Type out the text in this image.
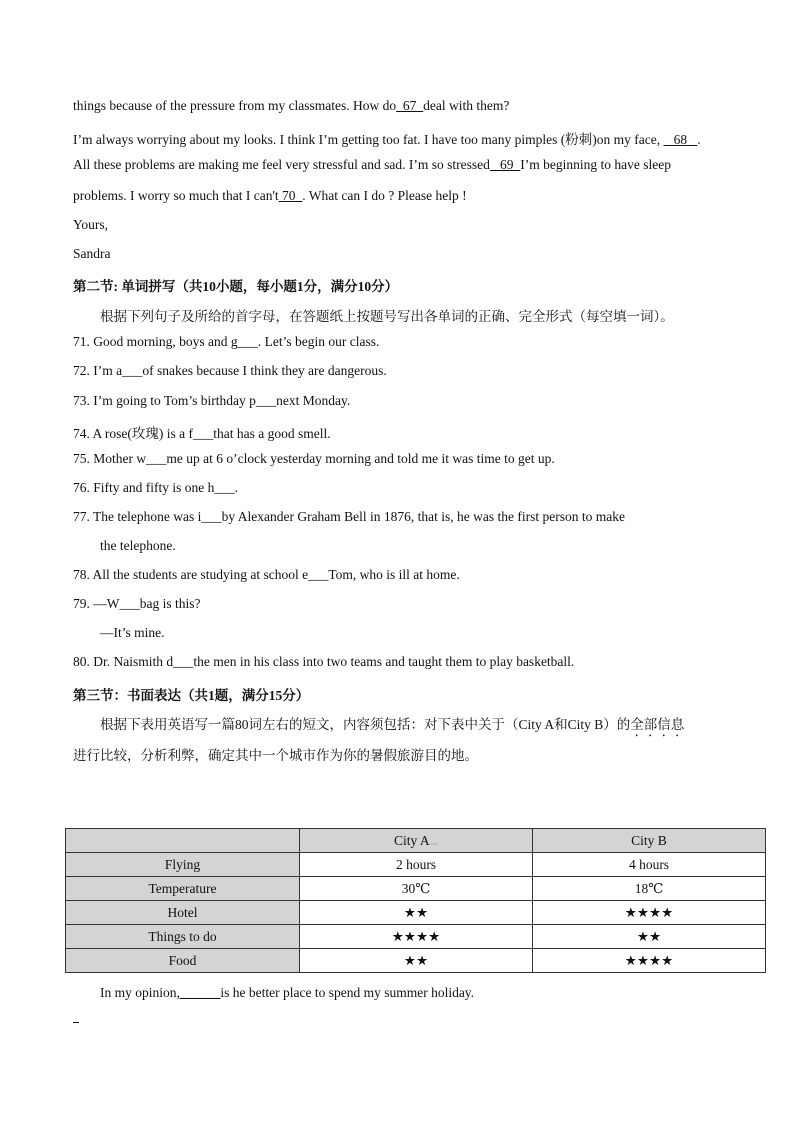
things because of the pressure from my classmates. How do 67 deal with them?
I’m always worrying about my looks. I think I’m getting too fat. I have too many pimples (粉刺)on my face,    68 .
All these problems are making me feel very stressful and sad. I’m so stressed 69 I’m beginning to have sleep
problems. I worry so much that I can't 70 . What can I do ? Please help !
Yours,
Sandra
第二节: 单词拼写（共10小题，每小题1分，满分10分）
根据下列句子及所给的首字母，在答题纸上按题号写出各单词的正确、完全形式（每空填一词）。
71. Good morning, boys and g___. Let’s begin our class.
72. I’m a___of snakes because I think they are dangerous.
73. I’m going to Tom’s birthday p___next Monday.
74. A rose(玫瑰) is a f___that has a good smell.
75. Mother w___me up at 6 o’clock yesterday morning and told me it was time to get up.
76. Fifty and fifty is one h___.
77. The telephone was i___by Alexander Graham Bell in 1876, that is, he was the first person to make
the telephone.
78. All the students are studying at school e___Tom, who is ill at home.
79. —W___bag is this?
—It’s mine.
80. Dr. Naismith d___the men in his class into two teams and taught them to play basketball.
第三节：书面表达（共1题，满分15分）
根据下表用英语写一篇80词左右的短文，内容须包括：对下表中关于（City A和City B）的全部信息
进行比较，分析利弊，确定其中一个城市作为你的暑假旅游目的地。
	City AZXXK	City B
Flying	2 hours	4 hours
Temperature	30℃	18℃
Hotel	★★	★★★★
Things to do	★★★★	★★
Food	★★	★★★★
In my opinion,______is he better place to spend my summer holiday.
